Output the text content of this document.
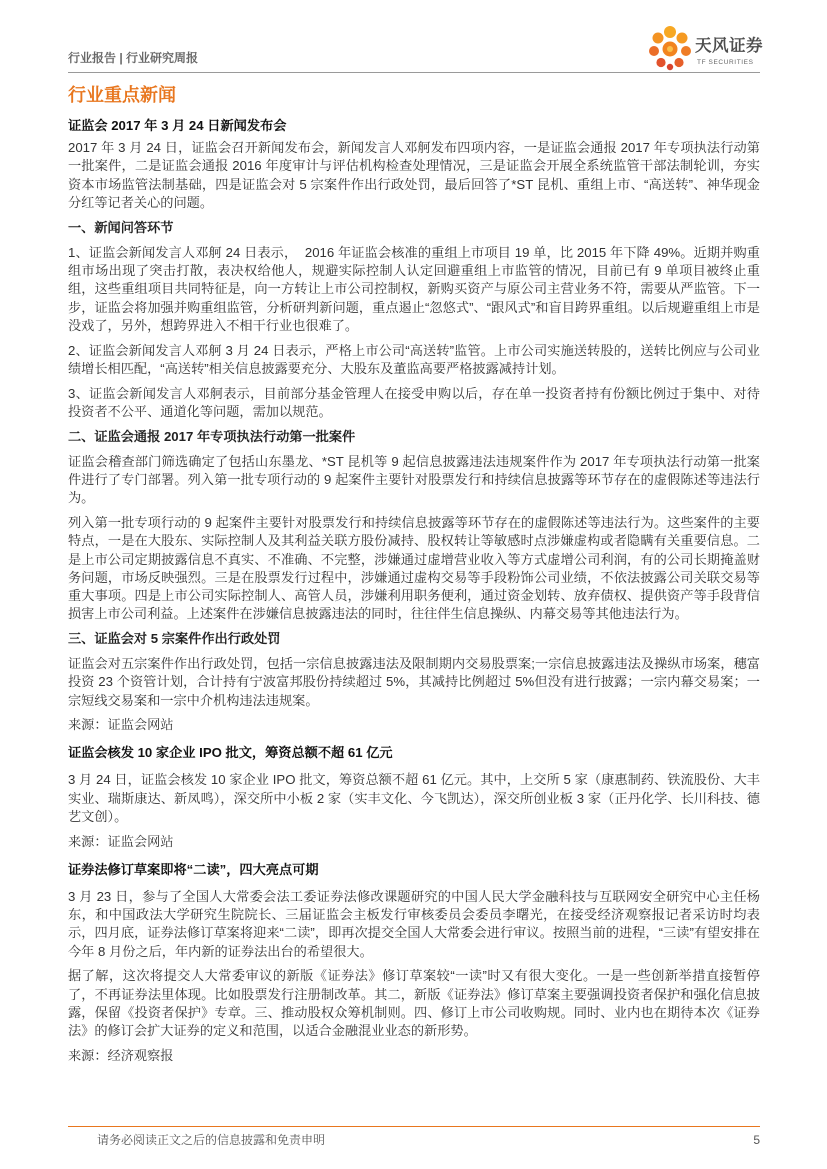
行业报告 | 行业研究周报
天风证券
TF SECURITIES
行业重点新闻
证监会 2017 年 3 月 24 日新闻发布会
2017 年 3 月 24 日，证监会召开新闻发布会，新闻发言人邓舸发布四项内容，一是证监会通报 2017 年专项执法行动第一批案件，二是证监会通报 2016 年度审计与评估机构检查处理情况，三是证监会开展全系统监管干部法制轮训，夯实资本市场监管法制基础，四是证监会对 5 宗案件作出行政处罚，最后回答了*ST 昆机、重组上市、“高送转”、神华现金分红等记者关心的问题。
一、新闻问答环节
1、证监会新闻发言人邓舸 24 日表示，  2016 年证监会核准的重组上市项目 19 单，比 2015 年下降 49%。近期并购重组市场出现了突击打散，表决权给他人，规避实际控制人认定回避重组上市监管的情况，目前已有 9 单项目被终止重组，这些重组项目共同特征是，向一方转让上市公司控制权，新购买资产与原公司主营业务不符，需要从严监管。下一步，证监会将加强并购重组监管，分析研判新问题，重点遏止“忽悠式”、“跟风式”和盲目跨界重组。以后规避重组上市是没戏了，另外，想跨界进入不相干行业也很难了。
2、证监会新闻发言人邓舸 3 月 24 日表示，严格上市公司“高送转”监管。上市公司实施送转股的，送转比例应与公司业绩增长相匹配，“高送转”相关信息披露要充分、大股东及董监高要严格披露减持计划。
3、证监会新闻发言人邓舸表示，目前部分基金管理人在接受申购以后，存在单一投资者持有份额比例过于集中、对待投资者不公平、通道化等问题，需加以规范。
二、证监会通报 2017 年专项执法行动第一批案件
证监会稽查部门筛选确定了包括山东墨龙、*ST 昆机等 9 起信息披露违法违规案件作为 2017 年专项执法行动第一批案件进行了专门部署。列入第一批专项行动的 9 起案件主要针对股票发行和持续信息披露等环节存在的虚假陈述等违法行为。
列入第一批专项行动的 9 起案件主要针对股票发行和持续信息披露等环节存在的虚假陈述等违法行为。这些案件的主要特点，一是在大股东、实际控制人及其利益关联方股份减持、股权转让等敏感时点涉嫌虚构或者隐瞒有关重要信息。二是上市公司定期披露信息不真实、不准确、不完整，涉嫌通过虚增营业收入等方式虚增公司利润，有的公司长期掩盖财务问题，市场反映强烈。三是在股票发行过程中，涉嫌通过虚构交易等手段粉饰公司业绩，不依法披露公司关联交易等重大事项。四是上市公司实际控制人、高管人员，涉嫌利用职务便利，通过资金划转、放弃债权、提供资产等手段背信损害上市公司利益。上述案件在涉嫌信息披露违法的同时，往往伴生信息操纵、内幕交易等其他违法行为。
三、证监会对 5 宗案件作出行政处罚
证监会对五宗案件作出行政处罚，包括一宗信息披露违法及限制期内交易股票案;一宗信息披露违法及操纵市场案，穗富投资 23 个资管计划，合计持有宁波富邦股份持续超过 5%，其减持比例超过 5%但没有进行披露；一宗内幕交易案；一宗短线交易案和一宗中介机构违法违规案。
来源：证监会网站
证监会核发 10 家企业 IPO 批文，筹资总额不超 61 亿元
3 月 24 日，证监会核发 10 家企业 IPO 批文，筹资总额不超 61 亿元。其中，上交所 5 家（康惠制药、铁流股份、大丰实业、瑞斯康达、新凤鸣），深交所中小板 2 家（实丰文化、今飞凯达），深交所创业板 3 家（正丹化学、长川科技、德艺文创）。
来源：证监会网站
证券法修订草案即将“二读”，四大亮点可期
3 月 23 日，参与了全国人大常委会法工委证券法修改课题研究的中国人民大学金融科技与互联网安全研究中心主任杨东，和中国政法大学研究生院院长、三届证监会主板发行审核委员会委员李曙光，在接受经济观察报记者采访时均表示，四月底，证券法修订草案将迎来“二读”，即再次提交全国人大常委会进行审议。按照当前的进程，“三读”有望安排在今年 8 月份之后，年内新的证券法出台的希望很大。
据了解，这次将提交人大常委审议的新版《证券法》修订草案较“一读”时又有很大变化。一是一些创新举措直接暂停了，不再证券法里体现。比如股票发行注册制改革。其二，新版《证券法》修订草案主要强调投资者保护和强化信息披露，保留《投资者保护》专章。三、推动股权众筹机制则。四、修订上市公司收购规。同时、业内也在期待本次《证券法》的修订会扩大证券的定义和范围，以适合金融混业业态的新形势。
来源：经济观察报
请务必阅读正文之后的信息披露和免责申明	5
